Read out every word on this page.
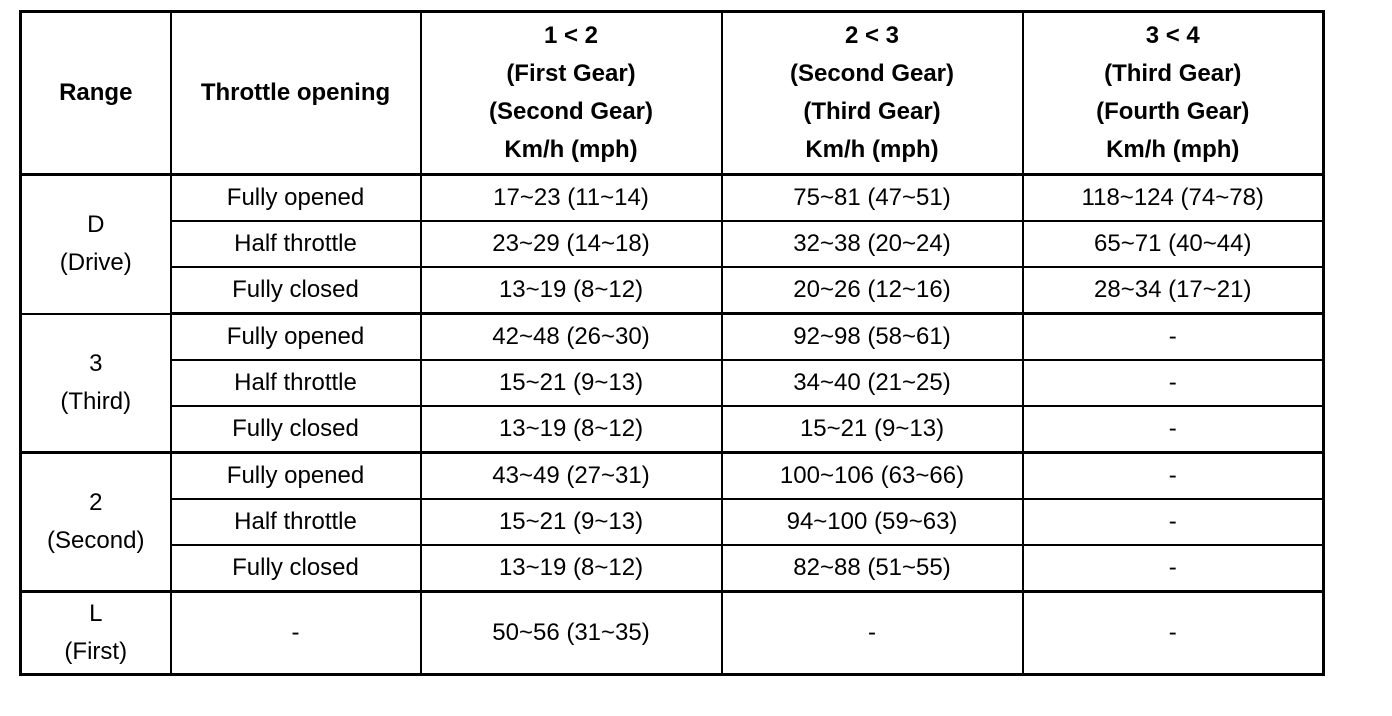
Range	Throttle opening	1 < 2
(First Gear)
(Second Gear)
Km/h (mph)	2 < 3
(Second Gear)
(Third Gear)
Km/h (mph)	3 < 4
(Third Gear)
(Fourth Gear)
Km/h (mph)

D
(Drive)	Fully opened	17~23 (11~14)	75~81 (47~51)	118~124 (74~78)
	Half throttle	23~29 (14~18)	32~38 (20~24)	65~71 (40~44)
	Fully closed	13~19 (8~12)	20~26 (12~16)	28~34 (17~21)

3
(Third)	Fully opened	42~48 (26~30)	92~98 (58~61)	-
	Half throttle	15~21 (9~13)	34~40 (21~25)	-
	Fully closed	13~19 (8~12)	15~21 (9~13)	-

2
(Second)	Fully opened	43~49 (27~31)	100~106 (63~66)	-
	Half throttle	15~21 (9~13)	94~100 (59~63)	-
	Fully closed	13~19 (8~12)	82~88 (51~55)	-

L
(First)	-	50~56 (31~35)	-	-
